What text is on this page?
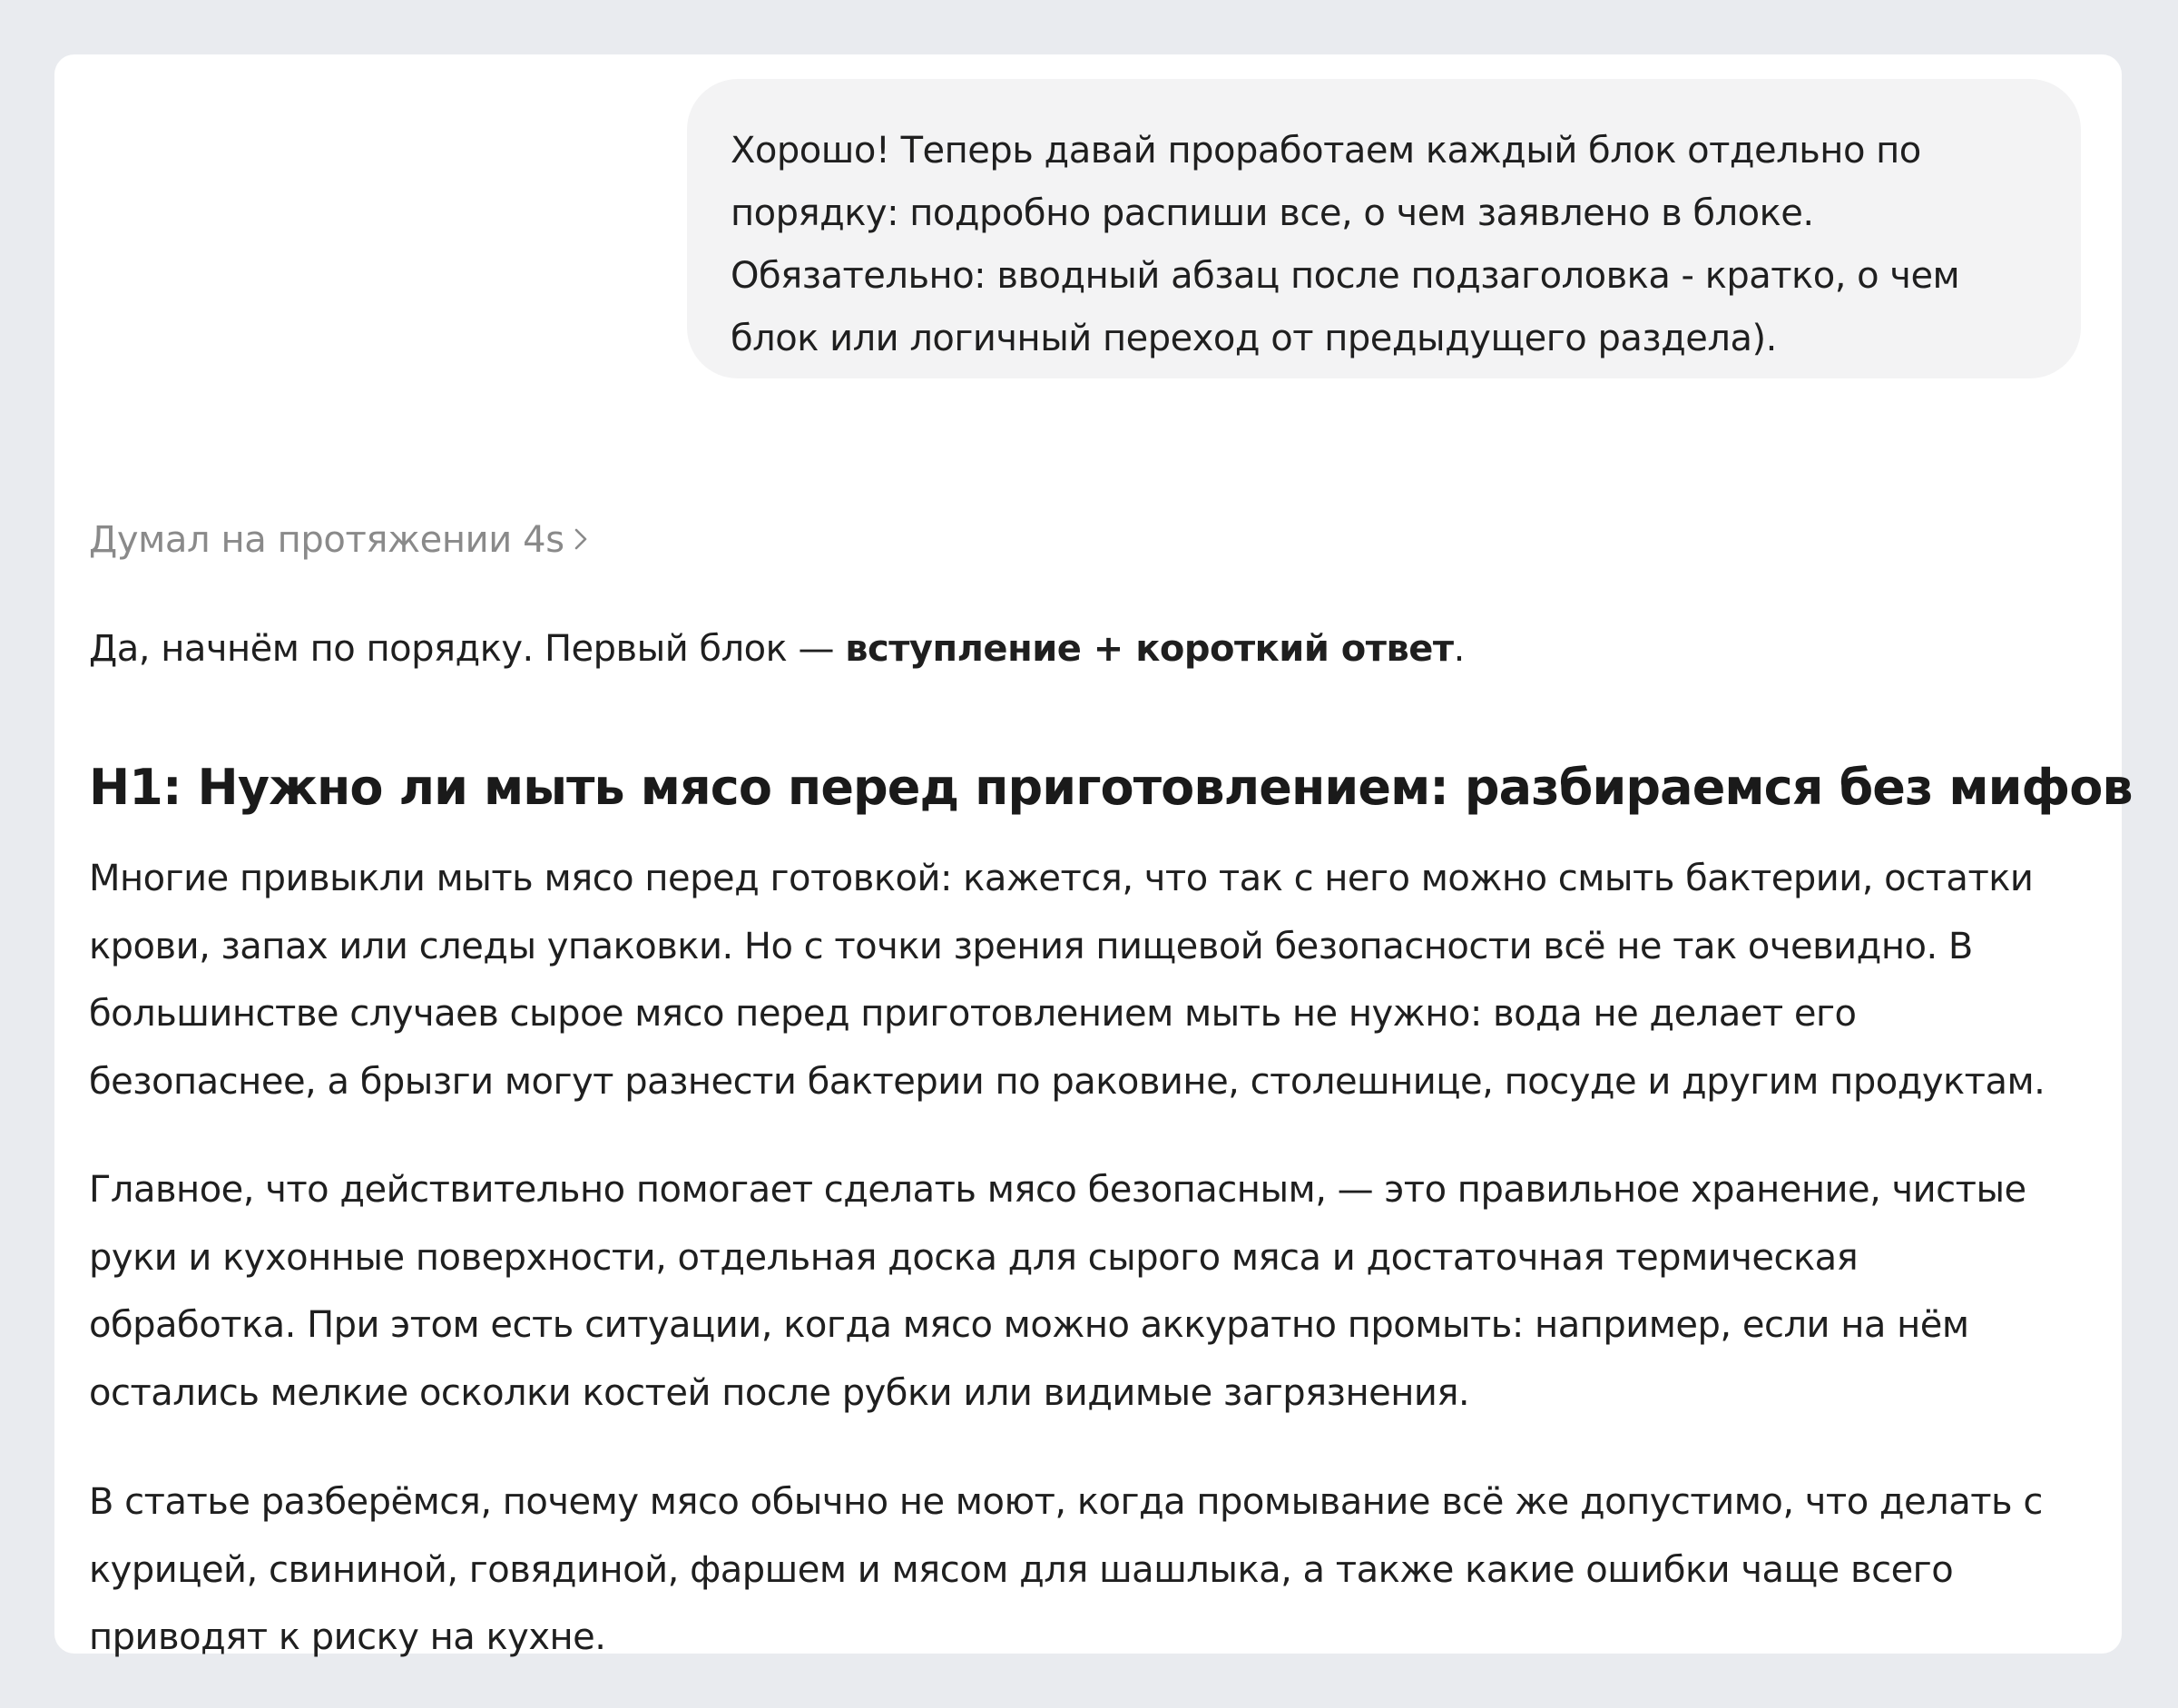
Хорошо! Теперь давай проработаем каждый блок отдельно по
порядку: подробно распиши все, о чем заявлено в блоке.
Обязательно: вводный абзац после подзаголовка - кратко, о чем
блок или логичный переход от предыдущего раздела).
Думал на протяжении 4s
Да, начнём по порядку. Первый блок — вступление + короткий ответ.
H1: Нужно ли мыть мясо перед приготовлением: разбираемся без мифов
Многие привыкли мыть мясо перед готовкой: кажется, что так с него можно смыть бактерии, остатки
крови, запах или следы упаковки. Но с точки зрения пищевой безопасности всё не так очевидно. В
большинстве случаев сырое мясо перед приготовлением мыть не нужно: вода не делает его
безопаснее, а брызги могут разнести бактерии по раковине, столешнице, посуде и другим продуктам.
Главное, что действительно помогает сделать мясо безопасным, — это правильное хранение, чистые
руки и кухонные поверхности, отдельная доска для сырого мяса и достаточная термическая
обработка. При этом есть ситуации, когда мясо можно аккуратно промыть: например, если на нём
остались мелкие осколки костей после рубки или видимые загрязнения.
В статье разберёмся, почему мясо обычно не моют, когда промывание всё же допустимо, что делать с
курицей, свининой, говядиной, фаршем и мясом для шашлыка, а также какие ошибки чаще всего
приводят к риску на кухне.
